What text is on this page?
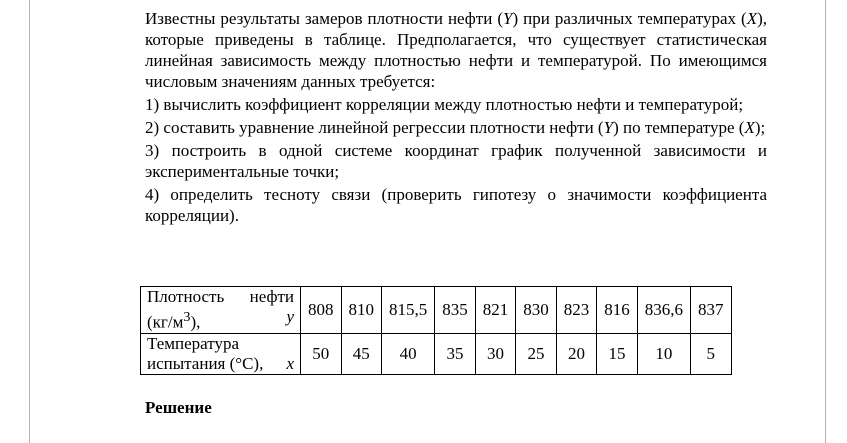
Известны результаты замеров плотности нефти (Y) при различных температурах (X), которые приведены в таблице. Предполагается, что существует статистическая линейная зависимость между плотностью нефти и температурой. По имеющимся числовым значениям данных требуется:

1) вычислить коэффициент корреляции между плотностью нефти и температурой;

2) составить уравнение линейной регрессии плотности нефти (Y) по температуре (X);

3) построить в одной системе координат график полученной зависимости и экспериментальные точки;

4) определить тесноту связи (проверить гипотезу о значимости коэффициента корреляции).

Плотность нефти
$(кг/м^3)$, y	808	810	815,5	835	821	830	823	816	836,6	837

Температура
испытания (°С), x	50	45	40	35	30	25	20	15	10	5
Решение
